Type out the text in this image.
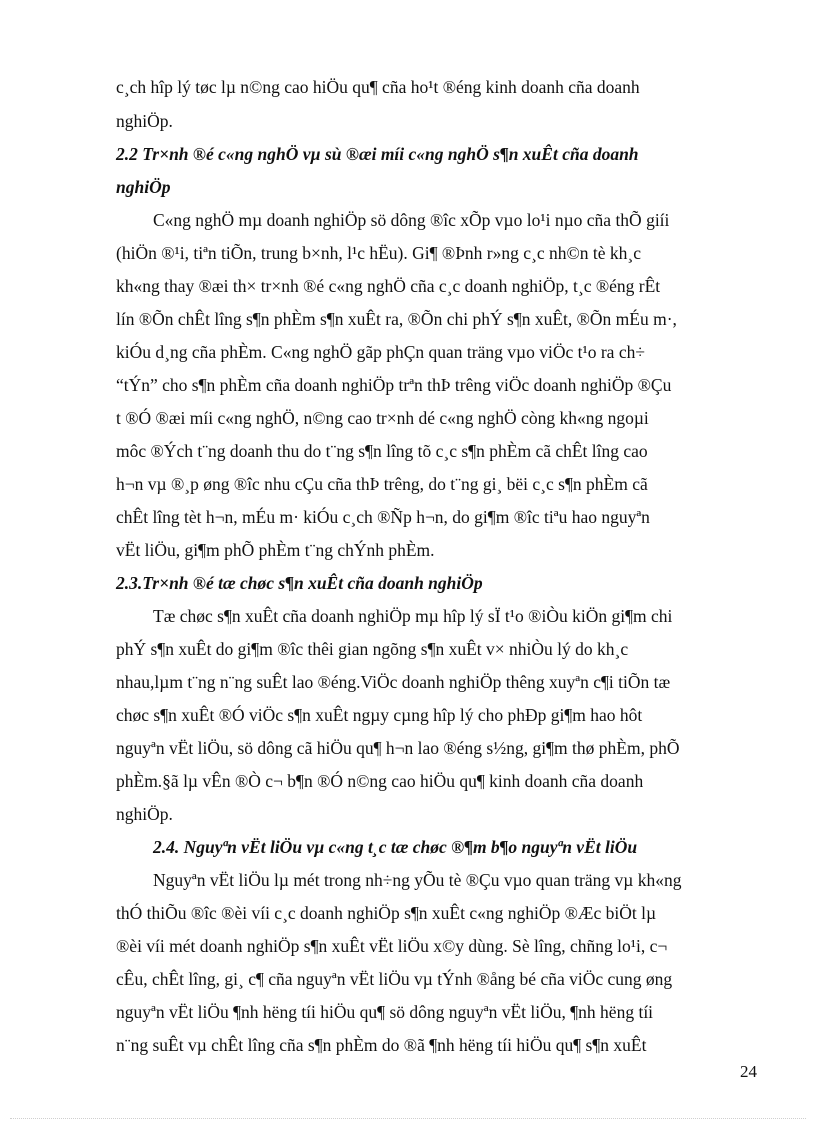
c¸ch hîp lý tøc lµ n©ng cao hiÖu qu¶ cña ho¹t ®éng kinh doanh cña doanh
nghiÖp.
2.2 Tr×nh ®é c«ng nghÖ vµ sù ®æi míi c«ng nghÖ s¶n xuÊt cña doanh
nghiÖp
C«ng nghÖ mµ doanh nghiÖp sö dông ®îc xÕp vµo lo¹i nµo cña thÕ giíi
(hiÖn ®¹i, tiªn tiÕn, trung b×nh, l¹c hËu). Gi¶ ®Þnh r»ng c¸c nh©n tè kh¸c
kh«ng thay ®æi th× tr×nh ®é c«ng nghÖ cña c¸c doanh nghiÖp, t¸c ®éng rÊt
lín ®Õn chÊt lîng s¶n phÈm s¶n xuÊt ra, ®Õn chi phÝ s¶n xuÊt, ®Õn mÉu m·,
kiÓu d¸ng cña phÈm. C«ng nghÖ gãp phÇn quan träng vµo viÖc t¹o ra ch÷
“tÝn” cho s¶n phÈm cña doanh nghiÖp trªn thÞ trêng viÖc doanh nghiÖp ®Çu
t ®Ó ®æi míi c«ng nghÖ, n©ng cao tr×nh dé c«ng nghÖ còng kh«ng ngoµi
môc ®Ých t¨ng doanh thu do t¨ng s¶n lîng tõ c¸c s¶n phÈm cã chÊt lîng cao
h¬n vµ ®¸p øng ®îc nhu cÇu cña thÞ trêng, do t¨ng gi¸ bëi c¸c s¶n phÈm cã
chÊt lîng tèt h¬n, mÉu m· kiÓu c¸ch ®Ñp h¬n, do gi¶m ®îc tiªu hao nguyªn
vËt liÖu, gi¶m phÕ phÈm t¨ng chÝnh phÈm.
2.3.Tr×nh ®é tæ chøc s¶n xuÊt cña doanh nghiÖp
Tæ chøc s¶n xuÊt cña doanh nghiÖp mµ hîp lý sÏ t¹o ®iÒu kiÖn gi¶m chi
phÝ s¶n xuÊt do gi¶m ®îc thêi gian ngõng s¶n xuÊt v× nhiÒu lý do kh¸c
nhau,lµm t¨ng n¨ng suÊt lao ®éng.ViÖc doanh nghiÖp thêng xuyªn c¶i tiÕn tæ
chøc s¶n xuÊt ®Ó viÖc s¶n xuÊt ngµy cµng hîp lý cho phÐp gi¶m hao hôt
nguyªn vËt liÖu, sö dông cã hiÖu qu¶ h¬n lao ®éng s½ng, gi¶m thø phÈm, phÕ
phÈm.§ã lµ vÊn ®Ò c¬ b¶n ®Ó n©ng cao hiÖu qu¶ kinh doanh cña doanh
nghiÖp.
2.4. Nguyªn vËt liÖu vµ c«ng t¸c tæ chøc ®¶m b¶o nguyªn vËt liÖu
Nguyªn vËt liÖu lµ mét trong nh÷ng yÕu tè ®Çu vµo quan träng vµ kh«ng
thÓ thiÕu ®îc ®èi víi c¸c doanh nghiÖp s¶n xuÊt c«ng nghiÖp ®Æc biÖt lµ
®èi víi mét doanh nghiÖp s¶n xuÊt vËt liÖu x©y dùng. Sè lîng, chñng lo¹i, c¬
cÊu, chÊt lîng, gi¸ c¶ cña nguyªn vËt liÖu vµ tÝnh ®ång bé cña viÖc cung øng
nguyªn vËt liÖu ¶nh hëng tíi hiÖu qu¶ sö dông nguyªn vËt liÖu, ¶nh hëng tíi
n¨ng suÊt vµ chÊt lîng cña s¶n phÈm do ®ã ¶nh hëng tíi hiÖu qu¶ s¶n xuÊt
24
